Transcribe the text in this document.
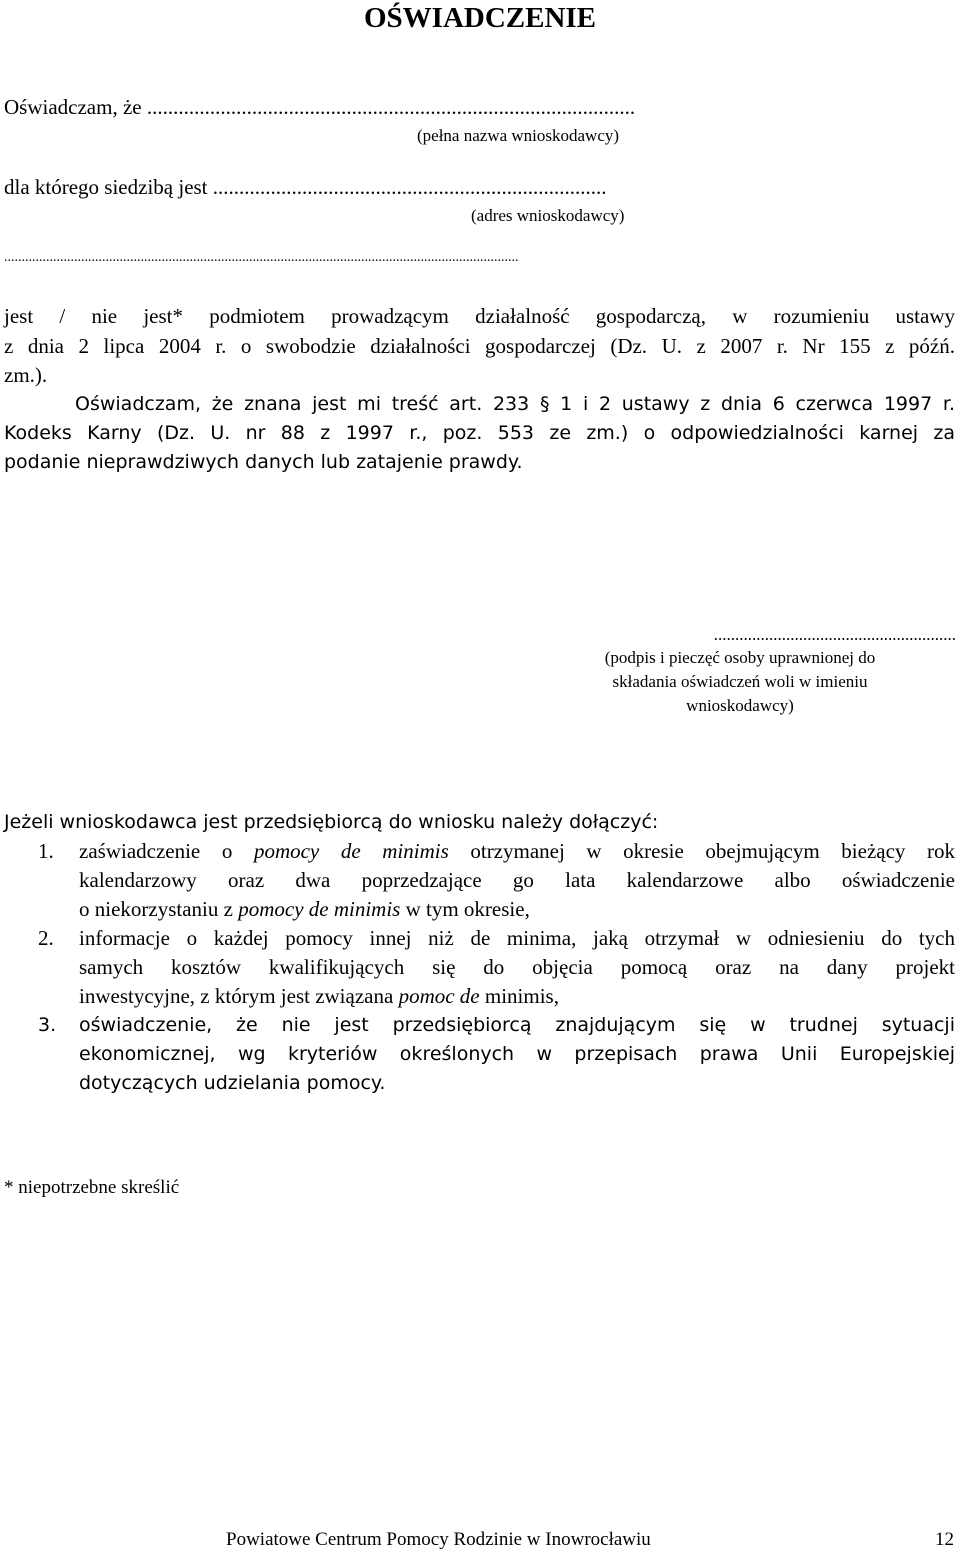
OŚWIADCZENIE
Oświadczam, że .............................................................................................
(pełna nazwa wnioskodawcy)
dla którego siedzibą jest ...........................................................................
(adres wnioskodawcy)
...................................................................................................................................................
jest / nie jest* podmiotem prowadzącym działalność gospodarczą, w rozumieniu ustawy
z dnia 2 lipca 2004 r. o swobodzie działalności gospodarczej (Dz. U. z 2007 r. Nr 155 z późń.
zm.).
Oświadczam, że znana jest mi treść art. 233 § 1 i 2 ustawy z dnia 6 czerwca 1997 r.
Kodeks Karny (Dz. U. nr 88 z 1997 r., poz. 553 ze zm.) o odpowiedzialności karnej za
podanie nieprawdziwych danych lub zatajenie prawdy.
.........................................................
(podpis i pieczęć osoby uprawnionej do
składania oświadczeń woli w imieniu
wnioskodawcy)
Jeżeli wnioskodawca jest przedsiębiorcą do wniosku należy dołączyć:
1. zaświadczenie o pomocy de minimis otrzymanej w okresie obejmującym bieżący rok
kalendarzowy oraz dwa poprzedzające go lata kalendarzowe albo oświadczenie
o niekorzystaniu z pomocy de minimis w tym okresie,
2. informacje o każdej pomocy innej niż de minima, jaką otrzymał w odniesieniu do tych
samych kosztów kwalifikujących się do objęcia pomocą oraz na dany projekt
inwestycyjne, z którym jest związana pomoc de minimis,
3. oświadczenie, że nie jest przedsiębiorcą znajdującym się w trudnej sytuacji
ekonomicznej, wg kryteriów określonych w przepisach prawa Unii Europejskiej
dotyczących udzielania pomocy.
* niepotrzebne skreślić
Powiatowe Centrum Pomocy Rodzinie w Inowrocławiu	12
